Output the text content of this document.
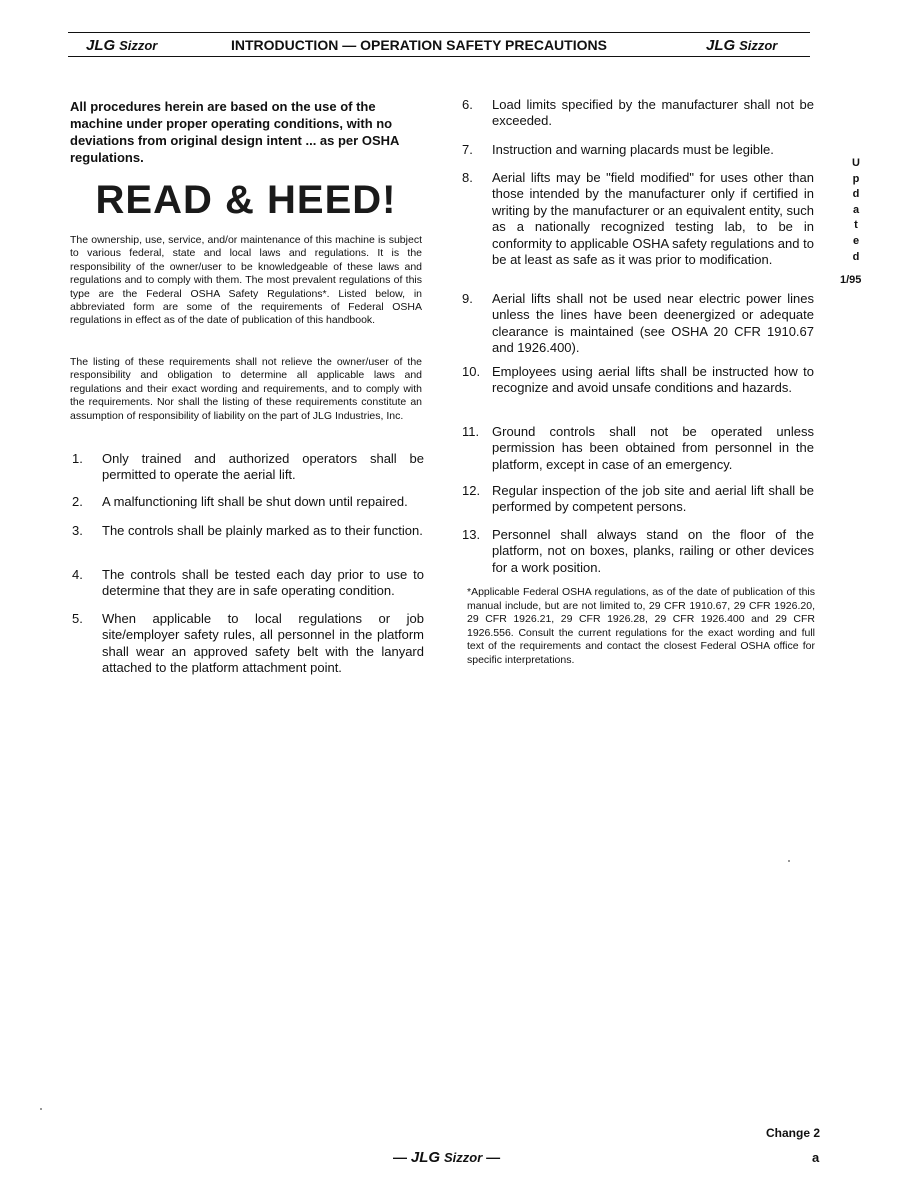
JLG Sizzor	INTRODUCTION — OPERATION SAFETY PRECAUTIONS	JLG Sizzor
All procedures herein are based on the use of the machine under proper operating conditions, with no deviations from original design intent ... as per OSHA regulations.
READ & HEED!
The ownership, use, service, and/or maintenance of this machine is subject to various federal, state and local laws and regulations. It is the responsibility of the owner/user to be knowledgeable of these laws and regulations and to comply with them. The most prevalent regulations of this type are the Federal OSHA Safety Regulations*. Listed below, in abbreviated form are some of the requirements of Federal OSHA regulations in effect as of the date of publication of this handbook.
The listing of these requirements shall not relieve the owner/user of the responsibility and obligation to determine all applicable laws and regulations and their exact wording and requirements, and to comply with the requirements. Nor shall the listing of these requirements constitute an assumption of responsibility of liability on the part of JLG Industries, Inc.
1. Only trained and authorized operators shall be permitted to operate the aerial lift.
2. A malfunctioning lift shall be shut down until repaired.
3. The controls shall be plainly marked as to their function.
4. The controls shall be tested each day prior to use to determine that they are in safe operating condition.
5. When applicable to local regulations or job site/employer safety rules, all personnel in the platform shall wear an approved safety belt with the lanyard attached to the platform attachment point.
6. Load limits specified by the manufacturer shall not be exceeded.
7. Instruction and warning placards must be legible.
8. Aerial lifts may be "field modified" for uses other than those intended by the manufacturer only if certified in writing by the manufacturer or an equivalent entity, such as a nationally recognized testing lab, to be in conformity to applicable OSHA safety regulations and to be at least as safe as it was prior to modification.
9. Aerial lifts shall not be used near electric power lines unless the lines have been deenergized or adequate clearance is maintained (see OSHA 20 CFR 1910.67 and 1926.400).
10. Employees using aerial lifts shall be instructed how to recognize and avoid unsafe conditions and hazards.
11. Ground controls shall not be operated unless permission has been obtained from personnel in the platform, except in case of an emergency.
12. Regular inspection of the job site and aerial lift shall be performed by competent persons.
13. Personnel shall always stand on the floor of the platform, not on boxes, planks, railing or other devices for a work position.
*Applicable Federal OSHA regulations, as of the date of publication of this manual include, but are not limited to, 29 CFR 1910.67, 29 CFR 1926.20, 29 CFR 1926.21, 29 CFR 1926.28, 29 CFR 1926.400 and 29 CFR 1926.556. Consult the current regulations for the exact wording and full text of the requirements and contact the closest Federal OSHA office for specific interpretations.
U
p
d
a
t
e
d
1/95
Change 2
— JLG Sizzor —	a
